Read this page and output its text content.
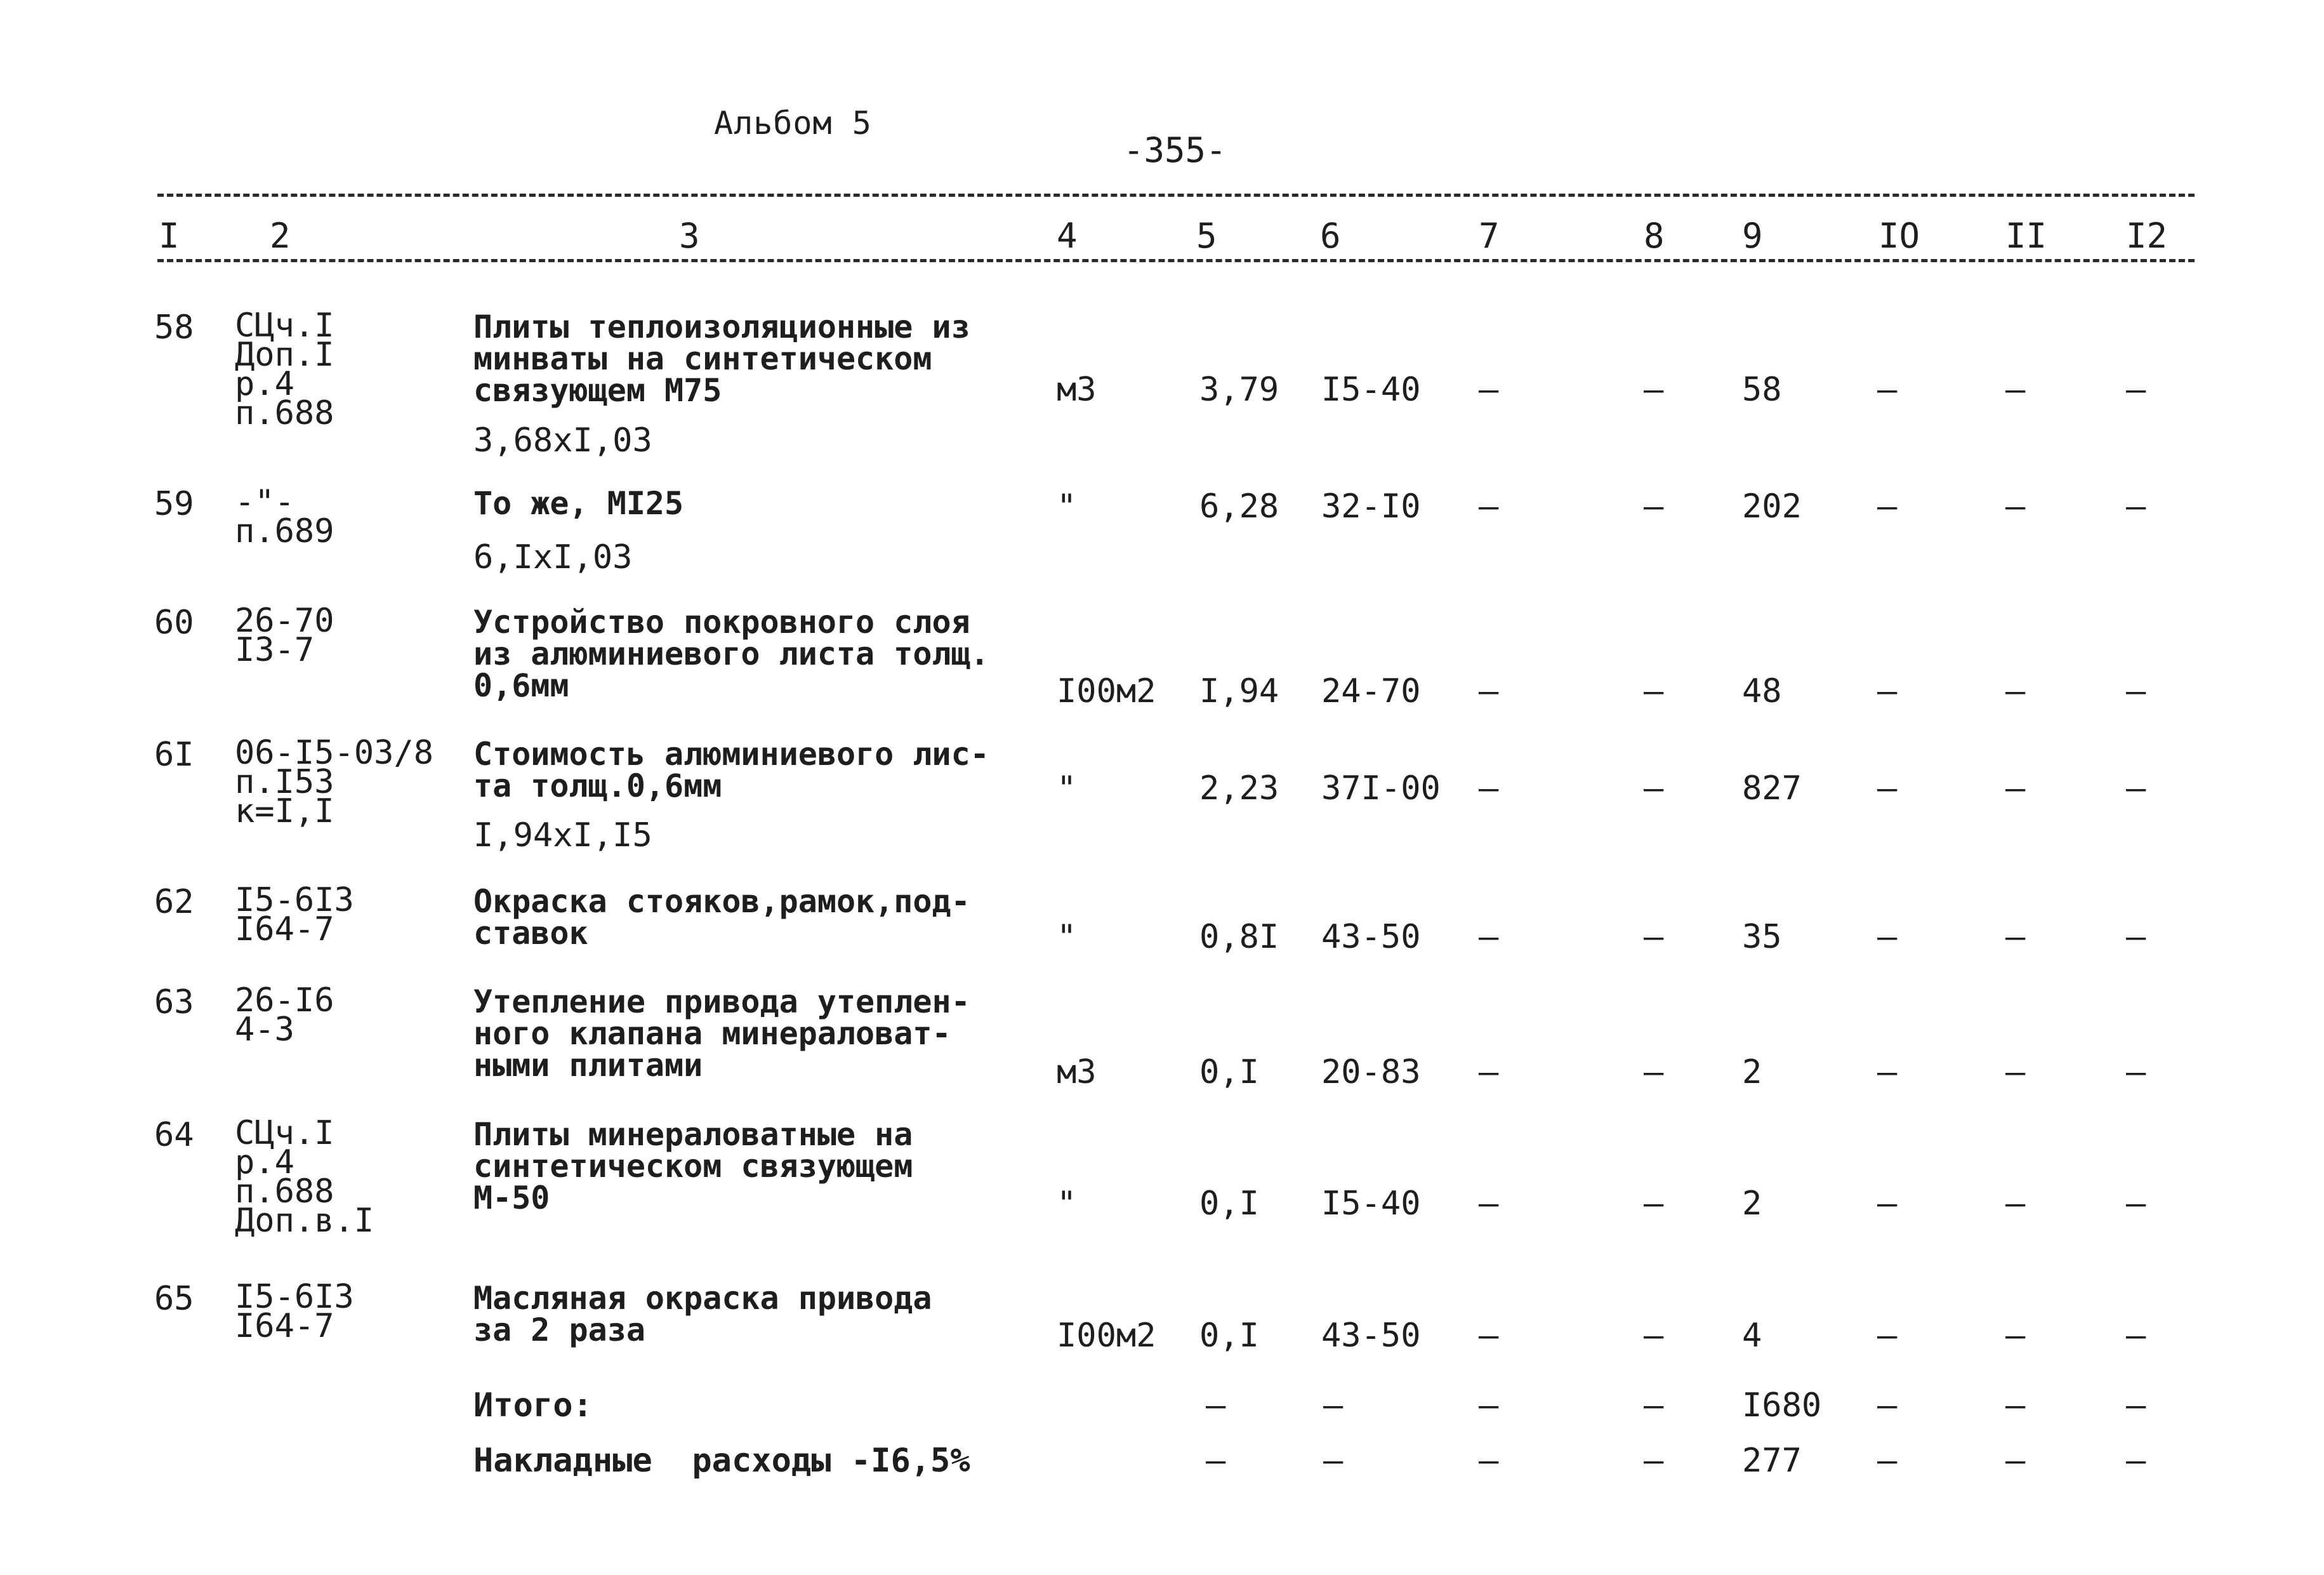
Альбом 5
-355-
I	2	3	4	5	6	7	8 9	IO II I2
58 СЦч.I
Доп.I
р.4
п.688
Плиты теплоизоляционные из
минваты на синтетическом
связующем М75
3,68хI,03
м3	3,79 I5-40 –	– 58	–	–	–
59 -"-
п.689
То же, МI25
6,IхI,03
"	6,28 32-I0 –	– 202 –	–	–
60 26-70
I3-7
Устройство покровного слоя
из алюминиевого листа толщ.
0,6мм	I00м2 I,94 24-70 –	– 48	–	–	–
6I 06-I5-03/8
п.I53
к=I,I
Стоимость алюминиевого лис-
та толщ.0,6мм
I,94хI,I5
"	2,23 37I-00 –	– 827 –	–	–
62 I5-6I3
I64-7
Окраска стояков,рамок,под-
ставок	"	0,8I 43-50 –	– 35	–	–	–
63 26-I6
4-3
Утепление привода утеплен-
ного клапана минераловат-
ными плитами	м3	0,I 20-83 –	– 2	–	–	–
64 СЦч.I
р.4
п.688
Доп.в.I
Плиты минераловатные на
синтетическом связующем
М-50	"	0,I I5-40 –	– 2	–	–	–
65 I5-6I3
I64-7
Масляная окраска привода
за 2 раза	I00м2 0,I 43-50 –	– 4	–	–	–
Итого:	–	–	–	– I680 –	–	–
Накладные  расходы -I6,5%	–	–	–	– 277 –	–	–
